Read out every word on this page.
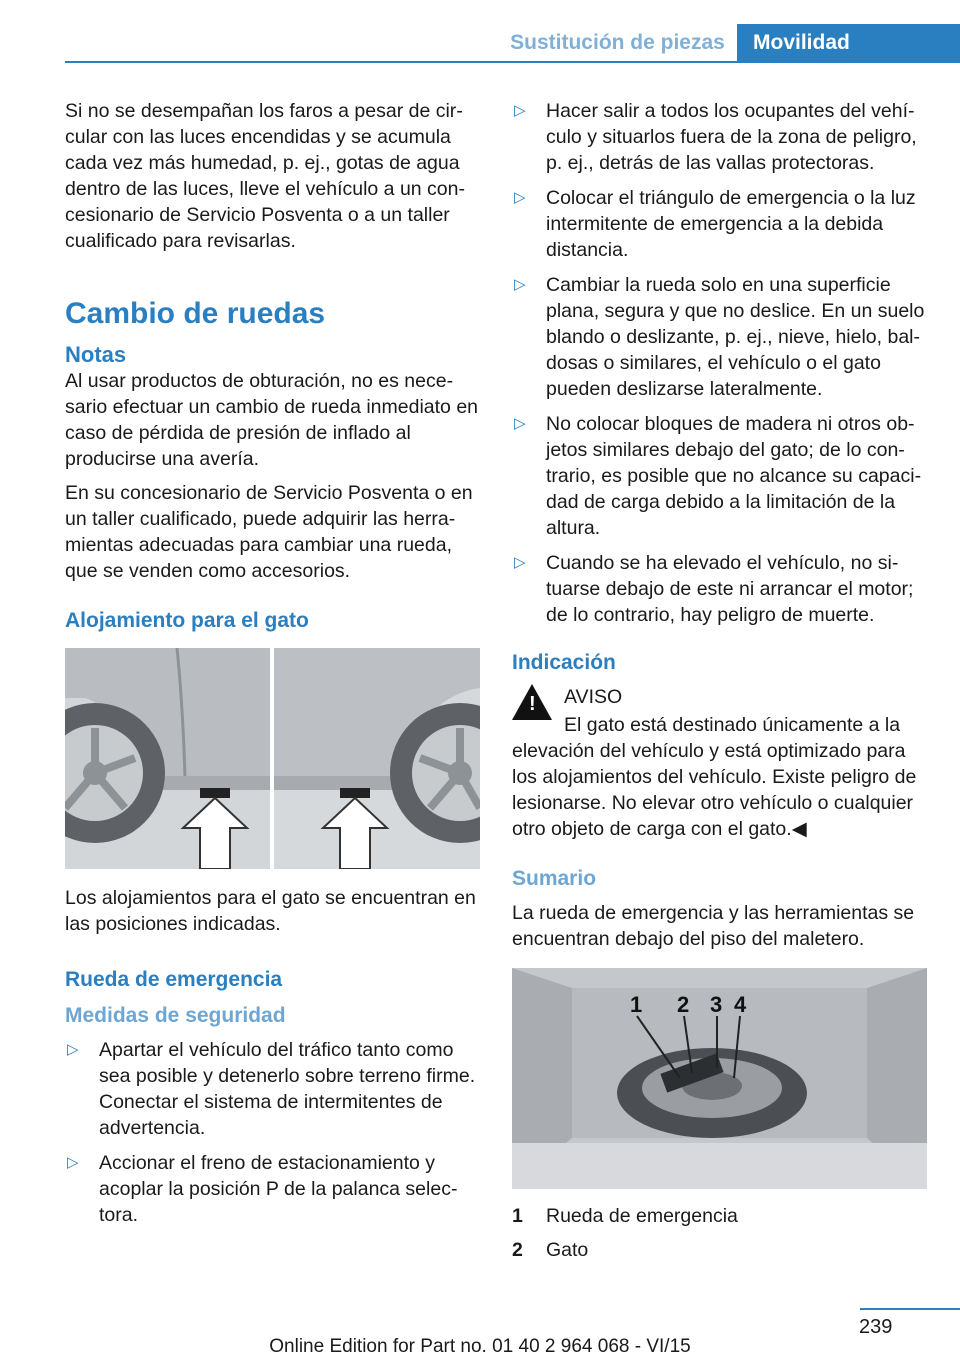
Sustitución de piezas	Movilidad

Si no se desempañan los faros a pesar de circular con las luces encendidas y se acumula cada vez más humedad, p. ej., gotas de agua dentro de las luces, lleve el vehículo a un concesionario de Servicio Posventa o a un taller cualificado para revisarlas.

Cambio de ruedas
Notas

Al usar productos de obturación, no es necesario efectuar un cambio de rueda inmediato en caso de pérdida de presión de inflado al producirse una avería.

En su concesionario de Servicio Posventa o en un taller cualificado, puede adquirir las herramientas adecuadas para cambiar una rueda, que se venden como accesorios.

Alojamiento para el gato

Los alojamientos para el gato se encuentran en las posiciones indicadas.

Rueda de emergencia
Medidas de seguridad
▷ Apartar el vehículo del tráfico tanto como sea posible y detenerlo sobre terreno firme. Conectar el sistema de intermitentes de advertencia.
▷ Accionar el freno de estacionamiento y acoplar la posición P de la palanca selectora.
▷ Hacer salir a todos los ocupantes del vehículo y situarlos fuera de la zona de peligro, p. ej., detrás de las vallas protectoras.
▷ Colocar el triángulo de emergencia o la luz intermitente de emergencia a la debida distancia.
▷ Cambiar la rueda solo en una superficie plana, segura y que no deslice. En un suelo blando o deslizante, p. ej., nieve, hielo, baldosas o similares, el vehículo o el gato pueden deslizarse lateralmente.
▷ No colocar bloques de madera ni otros objetos similares debajo del gato; de lo contrario, es posible que no alcance su capacidad de carga debido a la limitación de la altura.
▷ Cuando se ha elevado el vehículo, no situarse debajo de este ni arrancar el motor; de lo contrario, hay peligro de muerte.
Indicación
! AVISO

El gato está destinado únicamente a la elevación del vehículo y está optimizado para los alojamientos del vehículo. Existe peligro de lesionarse. No elevar otro vehículo o cualquier otro objeto de carga con el gato.◀

Sumario

La rueda de emergencia y las herramientas se encuentran debajo del piso del maletero.

1 2 3 4
1	Rueda de emergencia
2	Gato
239
Online Edition for Part no. 01 40 2 964 068 - VI/15
